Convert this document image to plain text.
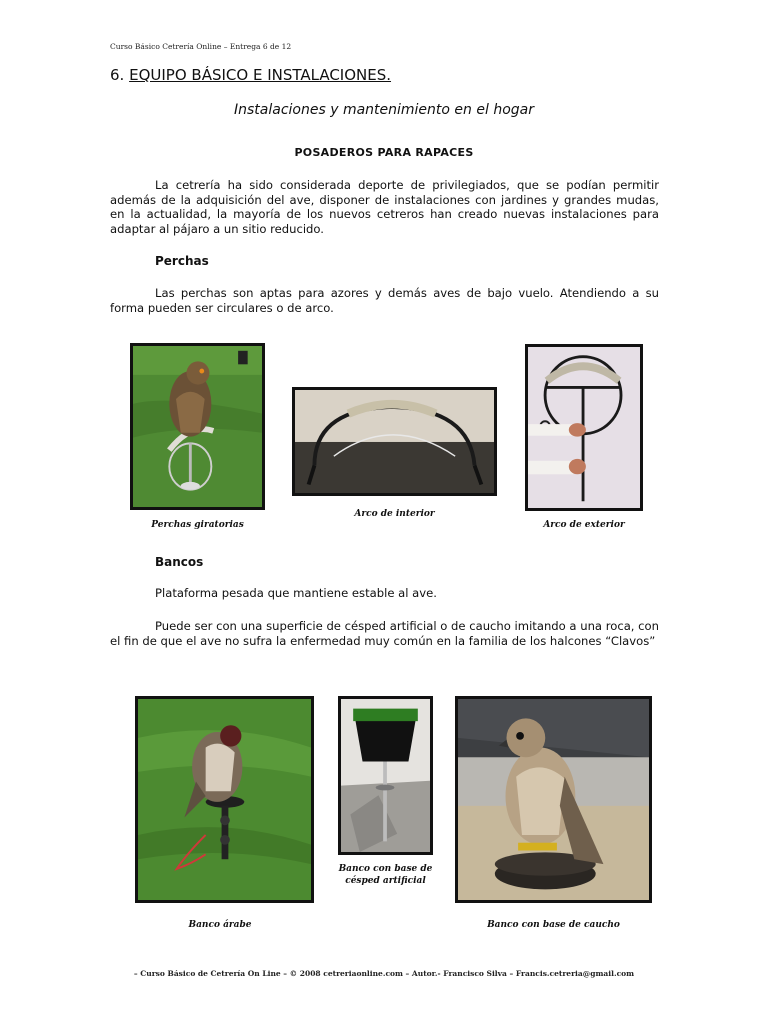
Curso Básico Cetrería Online – Entrega 6 de 12
6. EQUIPO BÁSICO E INSTALACIONES.
Instalaciones y mantenimiento en el hogar
POSADEROS PARA RAPACES
La cetrería ha sido considerada deporte de privilegiados, que se podían permitir además de la adquisición del ave, disponer de instalaciones con jardines y grandes mudas, en la actualidad, la mayoría de los nuevos cetreros han creado nuevas instalaciones para adaptar al pájaro a un sitio reducido.
Perchas
Las perchas son aptas para azores y demás aves de bajo vuelo. Atendiendo a su forma pueden ser circulares o de arco.
Perchas giratorias
Arco de interior
Arco de exterior
Bancos
Plataforma pesada que mantiene estable al ave.
Puede ser con una superficie de césped artificial o de caucho imitando a una roca, con el fin de que el ave no sufra la enfermedad muy común en la familia de los halcones “Clavos”
Banco árabe
Banco con base de césped artificial
Banco con base de caucho
– Curso Básico de Cetrería On Line – © 2008 cetreriaonline.com – Autor.- Francisco Silva – Francis.cetreria@gmail.com
